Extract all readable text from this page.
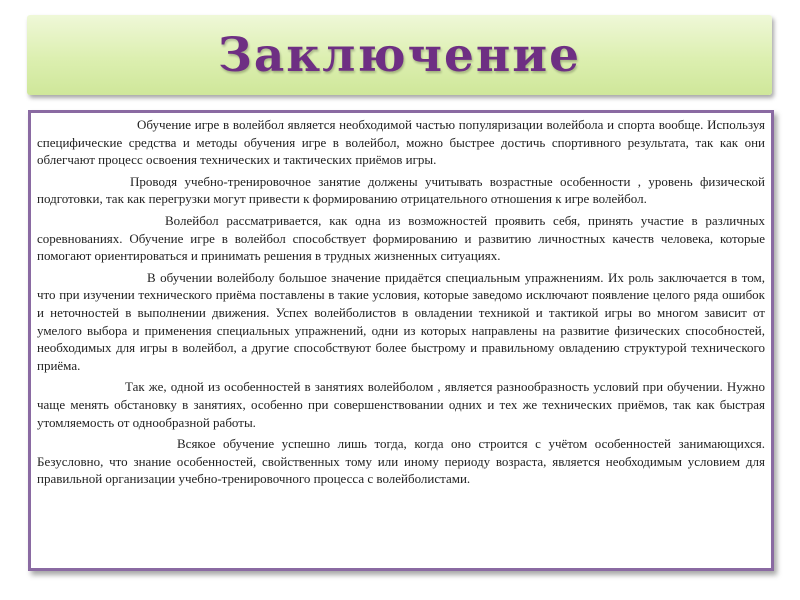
Заключение

Обучение игре в волейбол является необходимой частью популяризации волейбола и спорта вообще. Используя специфические средства и методы обучения игре в волейбол, можно быстрее достичь спортивного результата, так как они облегчают процесс освоения технических и тактических приёмов игры.

Проводя учебно-тренировочное занятие должены учитывать возрастные особенности , уровень физической подготовки, так как перегрузки могут привести к формированию отрицательного отношения к игре волейбол.

Волейбол рассматривается, как одна из возможностей проявить себя, принять участие в различных соревнованиях. Обучение игре в волейбол способствует формированию и развитию личностных качеств человека, которые помогают ориентироваться и принимать решения в трудных жизненных ситуациях.

В обучении волейболу большое значение придаётся специальным упражнениям. Их роль заключается в том, что при изучении технического приёма поставлены в такие условия, которые заведомо исключают появление целого ряда ошибок и неточностей в выполнении движения. Успех волейболистов в овладении техникой и тактикой игры во многом зависит от умелого выбора и применения специальных упражнений, одни из которых направлены на развитие физических способностей, необходимых для игры в волейбол, а другие способствуют более быстрому и правильному овладению структурой технического приёма.

Так же, одной из особенностей в занятиях волейболом , является разнообразность условий при обучении. Нужно чаще менять обстановку в занятиях, особенно при совершенствовании одних и тех же технических приёмов, так как быстрая утомляемость от однообразной работы.

Всякое обучение успешно лишь тогда, когда оно строится с учётом особенностей занимающихся. Безусловно, что знание особенностей, свойственных тому или иному периоду возраста, является необходимым условием для правильной организации учебно-тренировочного процесса с волейболистами.
